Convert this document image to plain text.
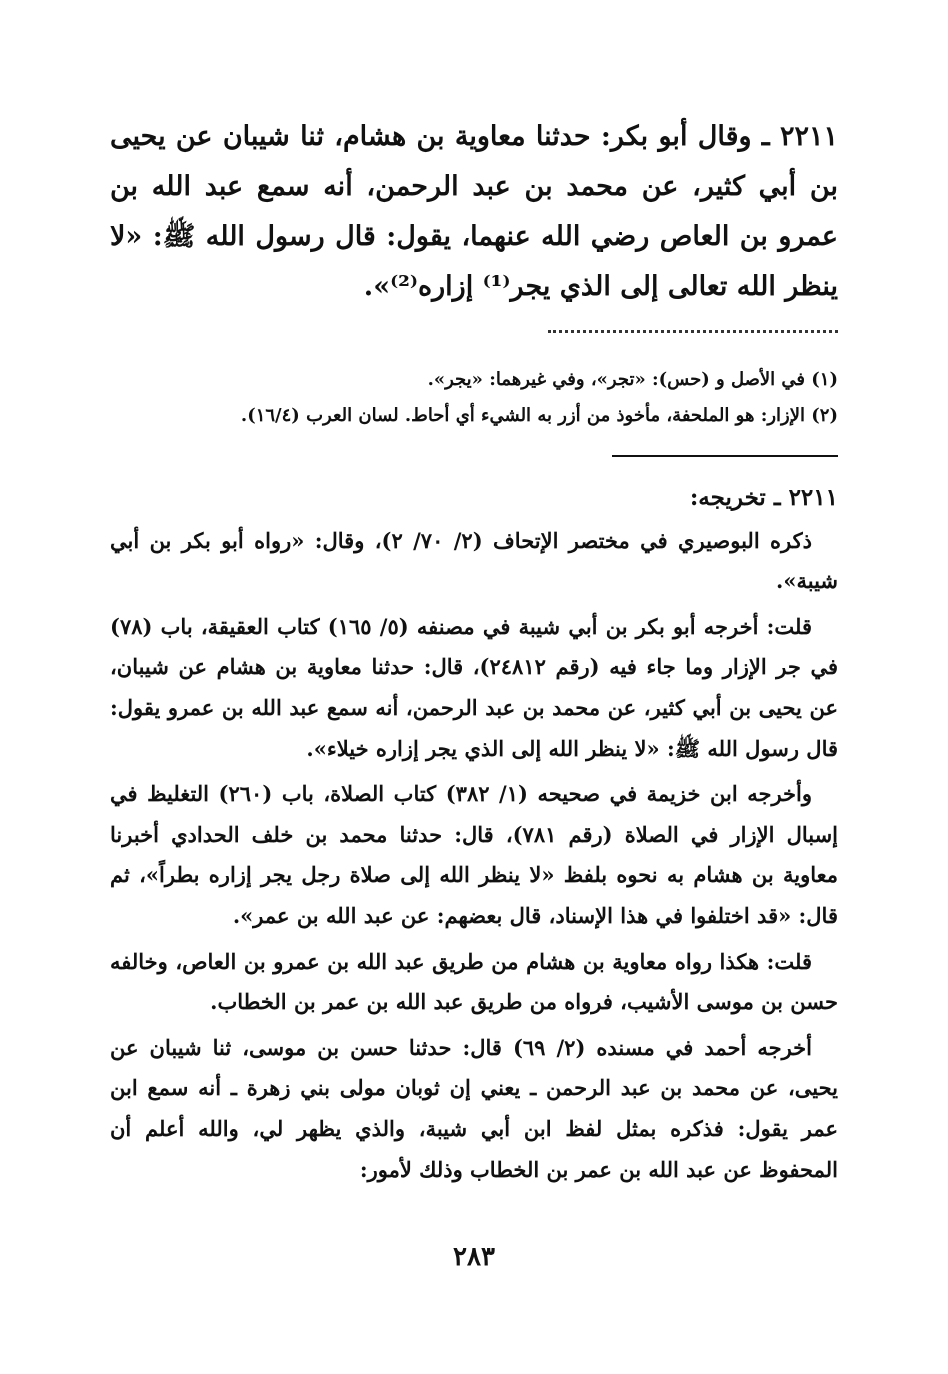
٢٢١١ ـ وقال أبو بكر: حدثنا معاوية بن هشام، ثنا شيبان عن يحيى بن أبي كثير، عن محمد بن عبد الرحمن، أنه سمع عبد الله بن عمرو بن العاص رضي الله عنهما، يقول: قال رسول الله ﷺ: «لا ينظر الله تعالى إلى الذي يجر⁽¹⁾ إزاره⁽²⁾».

(١) في الأصل و (حس): «تجر»، وفي غيرهما: «يجر».

(٢) الإزار: هو الملحفة، مأخوذ من أزر به الشيء أي أحاط. لسان العرب (١٦/٤).

٢٢١١ ـ تخريجه:

ذكره البوصيري في مختصر الإتحاف (٢/ ٧٠/ ٢)، وقال: «رواه أبو بكر بن أبي شيبة».

قلت: أخرجه أبو بكر بن أبي شيبة في مصنفه (٥/ ١٦٥) كتاب العقيقة، باب (٧٨) في جر الإزار وما جاء فيه (رقم ٢٤٨١٢)، قال: حدثنا معاوية بن هشام عن شيبان، عن يحيى بن أبي كثير، عن محمد بن عبد الرحمن، أنه سمع عبد الله بن عمرو يقول: قال رسول الله ﷺ: «لا ينظر الله إلى الذي يجر إزاره خيلاء».

وأخرجه ابن خزيمة في صحيحه (١/ ٣٨٢) كتاب الصلاة، باب (٢٦٠) التغليظ في إسبال الإزار في الصلاة (رقم ٧٨١)، قال: حدثنا محمد بن خلف الحدادي أخبرنا معاوية بن هشام به نحوه بلفظ «لا ينظر الله إلى صلاة رجل يجر إزاره بطراً»، ثم قال: «قد اختلفوا في هذا الإسناد، قال بعضهم: عن عبد الله بن عمر».

قلت: هكذا رواه معاوية بن هشام من طريق عبد الله بن عمرو بن العاص، وخالفه حسن بن موسى الأشيب، فرواه من طريق عبد الله بن عمر بن الخطاب.

أخرجه أحمد في مسنده (٢/ ٦٩) قال: حدثنا حسن بن موسى، ثنا شيبان عن يحيى، عن محمد بن عبد الرحمن ـ يعني إن ثوبان مولى بني زهرة ـ أنه سمع ابن عمر يقول: فذكره بمثل لفظ ابن أبي شيبة، والذي يظهر لي، والله أعلم أن المحفوظ عن عبد الله بن عمر بن الخطاب وذلك لأمور:

٢٨٣
